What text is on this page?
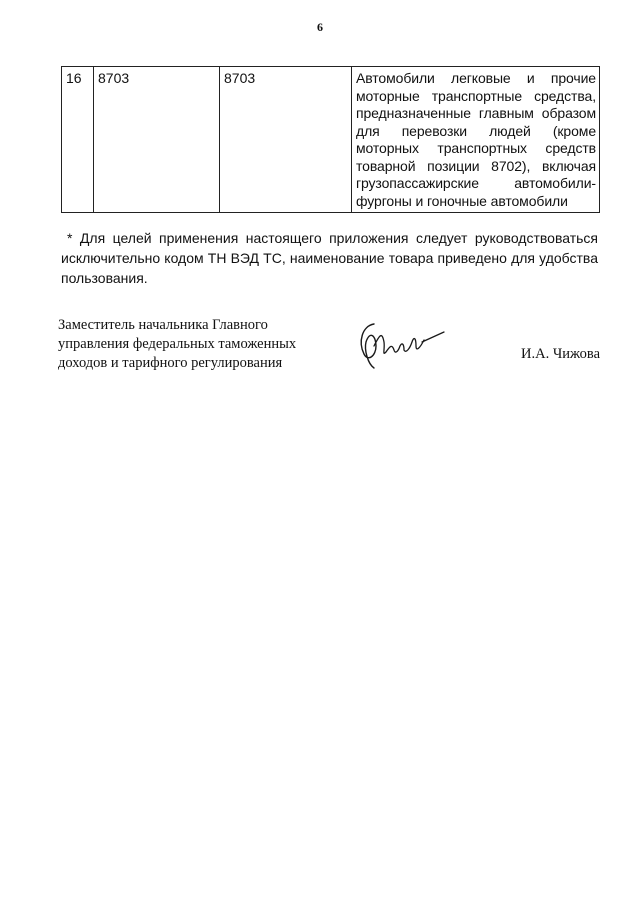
6
16	8703	8703	Автомобили легковые и прочие моторные транспортные средства, предназначенные главным образом для перевозки людей (кроме моторных транспортных средств товарной позиции 8702), включая грузопассажирские автомобили-фургоны и гоночные автомобили
* Для целей применения настоящего приложения следует руководствоваться исключительно кодом ТН ВЭД ТС, наименование товара приведено для удобства пользования.
Заместитель начальника Главного
управления федеральных таможенных
доходов и тарифного регулирования
И.А. Чижова
